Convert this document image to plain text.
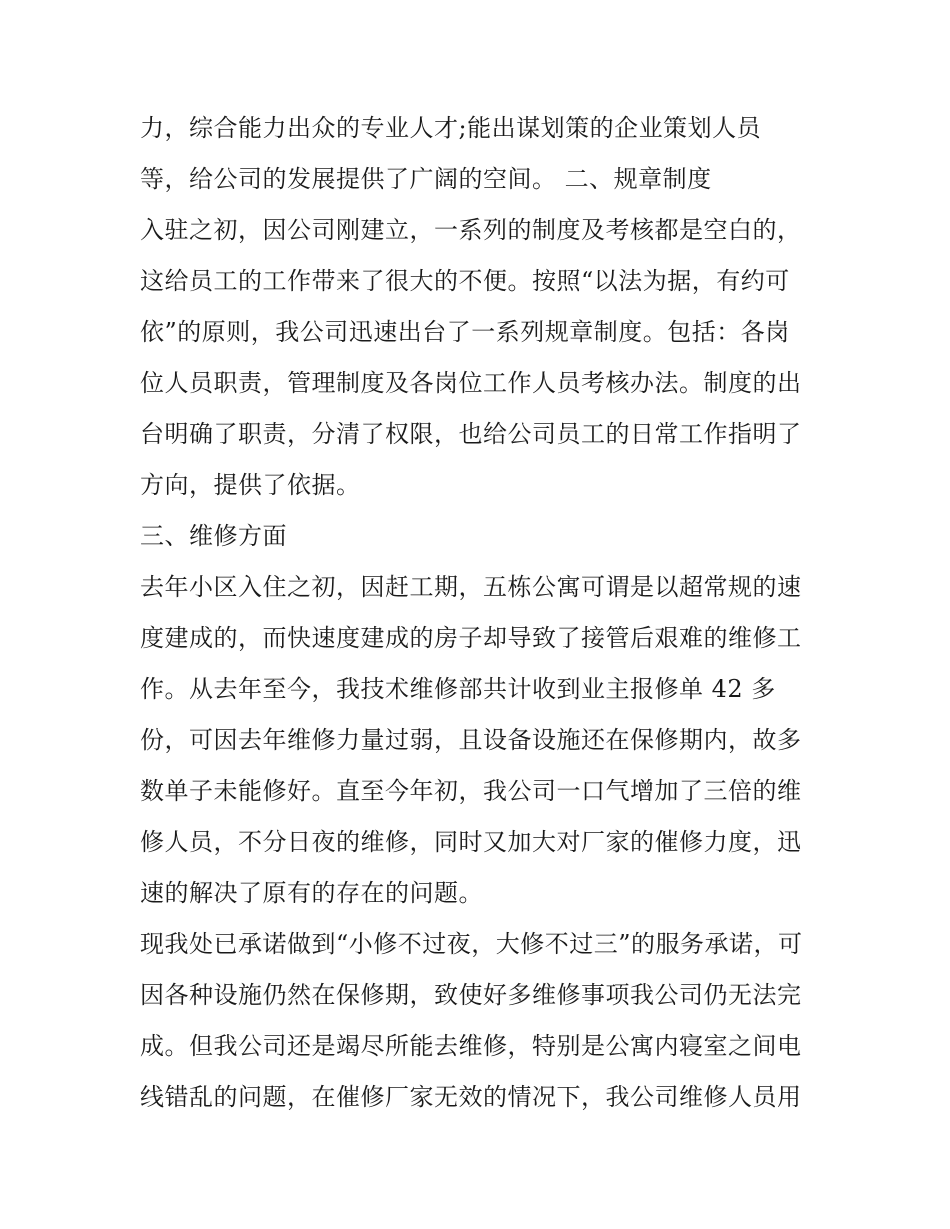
力，综合能力出众的专业人才;能出谋划策的企业策划人员
等，给公司的发展提供了广阔的空间。 二、规章制度
入驻之初，因公司刚建立，一系列的制度及考核都是空白的，
这给员工的工作带来了很大的不便。按照“以法为据，有约可
依”的原则，我公司迅速出台了一系列规章制度。包括：各岗
位人员职责，管理制度及各岗位工作人员考核办法。制度的出
台明确了职责，分清了权限，也给公司员工的日常工作指明了
方向，提供了依据。
三、维修方面
去年小区入住之初，因赶工期，五栋公寓可谓是以超常规的速
度建成的，而快速度建成的房子却导致了接管后艰难的维修工
作。从去年至今，我技术维修部共计收到业主报修单 42 多
份，可因去年维修力量过弱，且设备设施还在保修期内，故多
数单子未能修好。直至今年初，我公司一口气增加了三倍的维
修人员，不分日夜的维修，同时又加大对厂家的催修力度，迅
速的解决了原有的存在的问题。
现我处已承诺做到“小修不过夜，大修不过三”的服务承诺，可
因各种设施仍然在保修期，致使好多维修事项我公司仍无法完
成。但我公司还是竭尽所能去维修，特别是公寓内寝室之间电
线错乱的问题，在催修厂家无效的情况下，我公司维修人员用
